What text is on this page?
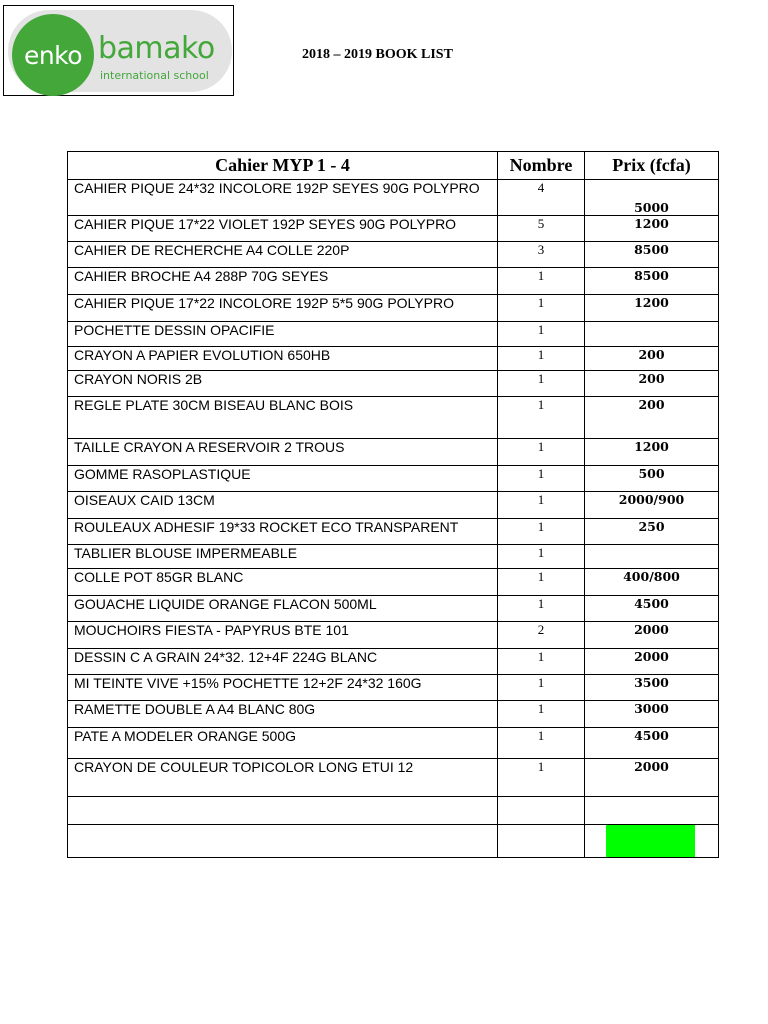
enko bamako
international school
2018 – 2019 BOOK LIST
Cahier MYP 1 - 4	Nombre	Prix (fcfa)
CAHIER PIQUE 24*32 INCOLORE 192P SEYES 90G POLYPRO	4	5000
CAHIER PIQUE 17*22 VIOLET 192P SEYES 90G POLYPRO	5	1200
CAHIER DE RECHERCHE A4 COLLE 220P	3	8500
CAHIER BROCHE A4 288P 70G SEYES	1	8500
CAHIER PIQUE 17*22 INCOLORE 192P 5*5 90G POLYPRO	1	1200
POCHETTE DESSIN OPACIFIE	1	
CRAYON A PAPIER EVOLUTION 650HB	1	200
CRAYON NORIS 2B	1	200
REGLE PLATE 30CM BISEAU BLANC BOIS	1	200
TAILLE CRAYON A RESERVOIR 2 TROUS	1	1200
GOMME RASOPLASTIQUE	1	500
OISEAUX CAID 13CM	1	2000/900
ROULEAUX ADHESIF 19*33 ROCKET ECO TRANSPARENT	1	250
TABLIER BLOUSE IMPERMEABLE	1	
COLLE POT 85GR BLANC	1	400/800
GOUACHE LIQUIDE ORANGE FLACON 500ML	1	4500
MOUCHOIRS FIESTA - PAPYRUS BTE 101	2	2000
DESSIN C A GRAIN 24*32. 12+4F 224G BLANC	1	2000
MI TEINTE VIVE +15% POCHETTE 12+2F 24*32 160G	1	3500
RAMETTE DOUBLE A A4 BLANC 80G	1	3000
PATE A MODELER ORANGE 500G	1	4500
CRAYON DE COULEUR TOPICOLOR LONG ETUI 12	1	2000
